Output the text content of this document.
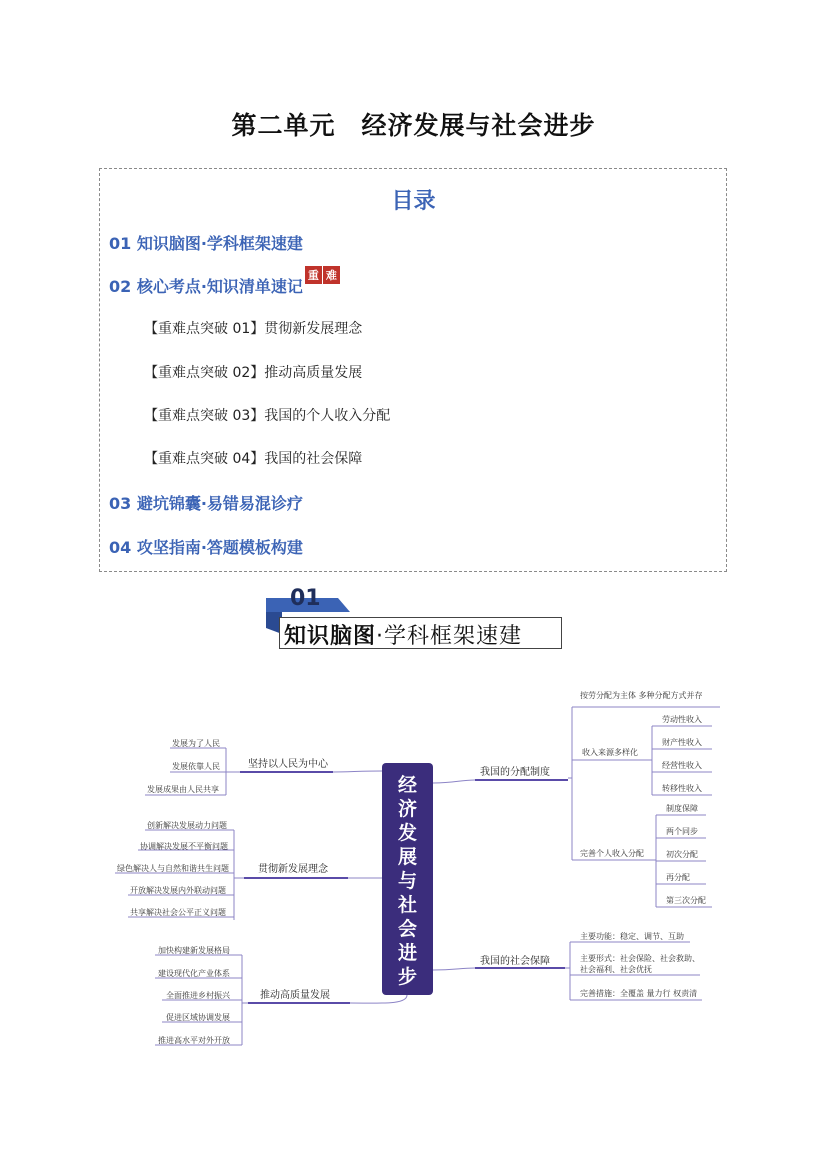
第二单元　经济发展与社会进步
目录
01 知识脑图·学科框架速建
02 核心考点·知识清单速记重 难
【重难点突破 01】贯彻新发展理念
【重难点突破 02】推动高质量发展
【重难点突破 03】我国的个人收入分配
【重难点突破 04】我国的社会保障
03 避坑锦囊·易错易混诊疗
04 攻坚指南·答题模板构建
01
知识脑图·学科框架速建
经
济
发
展
与
社
会
进
步
坚持以人民为中心
发展为了人民
发展依靠人民
发展成果由人民共享
贯彻新发展理念
创新解决发展动力问题
协调解决发展不平衡问题
绿色解决人与自然和谐共生问题
开放解决发展内外联动问题
共享解决社会公平正义问题
推动高质量发展
加快构建新发展格局
建设现代化产业体系
全面推进乡村振兴
促进区域协调发展
推进高水平对外开放
我国的分配制度
按劳分配为主体 多种分配方式并存
收入来源多样化
劳动性收入
财产性收入
经营性收入
转移性收入
完善个人收入分配
制度保障
两个同步
初次分配
再分配
第三次分配
我国的社会保障
主要功能：稳定、调节、互助
主要形式：社会保险、社会救助、
社会福利、社会优抚
完善措施：全覆盖 量力行 权责清
